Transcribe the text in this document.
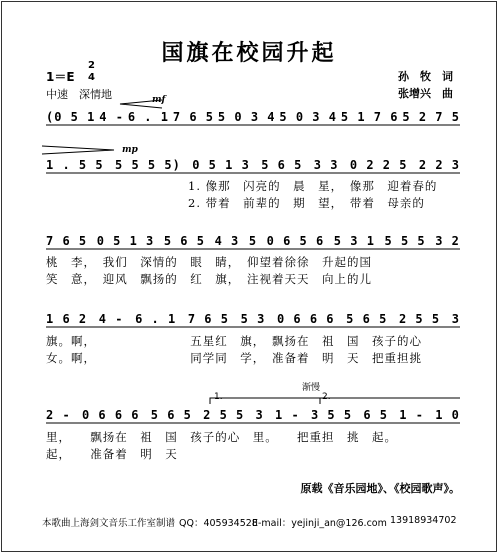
国旗在校园升起
1＝E
2
4
中速　深情地
孙　牧　词
张增兴　曲
mf
mp
1.	2.
渐慢
(0 5 1 4 - 6 . 1 7 6 5 5 0 3 4 5 0 3 4 5 1 7 6 5 2 7 5
1 . 5 5 5 5 5 5) 0 5 1 3 5 6 5 3 3 0 2 2 5 2 2 3
1. 像那　闪亮的　晨　星，　像那　迎着春的
2. 带着　前辈的　期　望，　带着　母亲的
7 6 5 0 5 1 3 5 6 5 4 3 5 0 6 5 6 5 3 1 5 5 5 3 2
桃　李，　我们　深情的　眼　睛，　仰望着徐徐　升起的国
笑　意，　迎风　飘扬的　红　旗，　注视着天天　向上的儿
1 6 2 4 - 6 . 1 7 6 5 5 3 0 6 6 6 5 6 5 2 5 5 3
旗。啊，　　　　　　　　五星红　旗，　飘扬在　祖　国　孩子的心
女。啊，　　　　　　　　同学同　学，　准备着　明　天　把重担挑
2 - 0 6 6 6 5 6 5 2 5 5 3 1 - 3 5 5 6 5 1 - 1 0
里，　　飘扬在　祖　国　孩子的心　里。　　把重担　挑　起。
起，　　准备着　明　天
原载《音乐园地》、《校园歌声》。
本歌曲上海剑文音乐工作室制谱 QQ：405934528
E-mail：yejinji_an@126.com 13918934702
